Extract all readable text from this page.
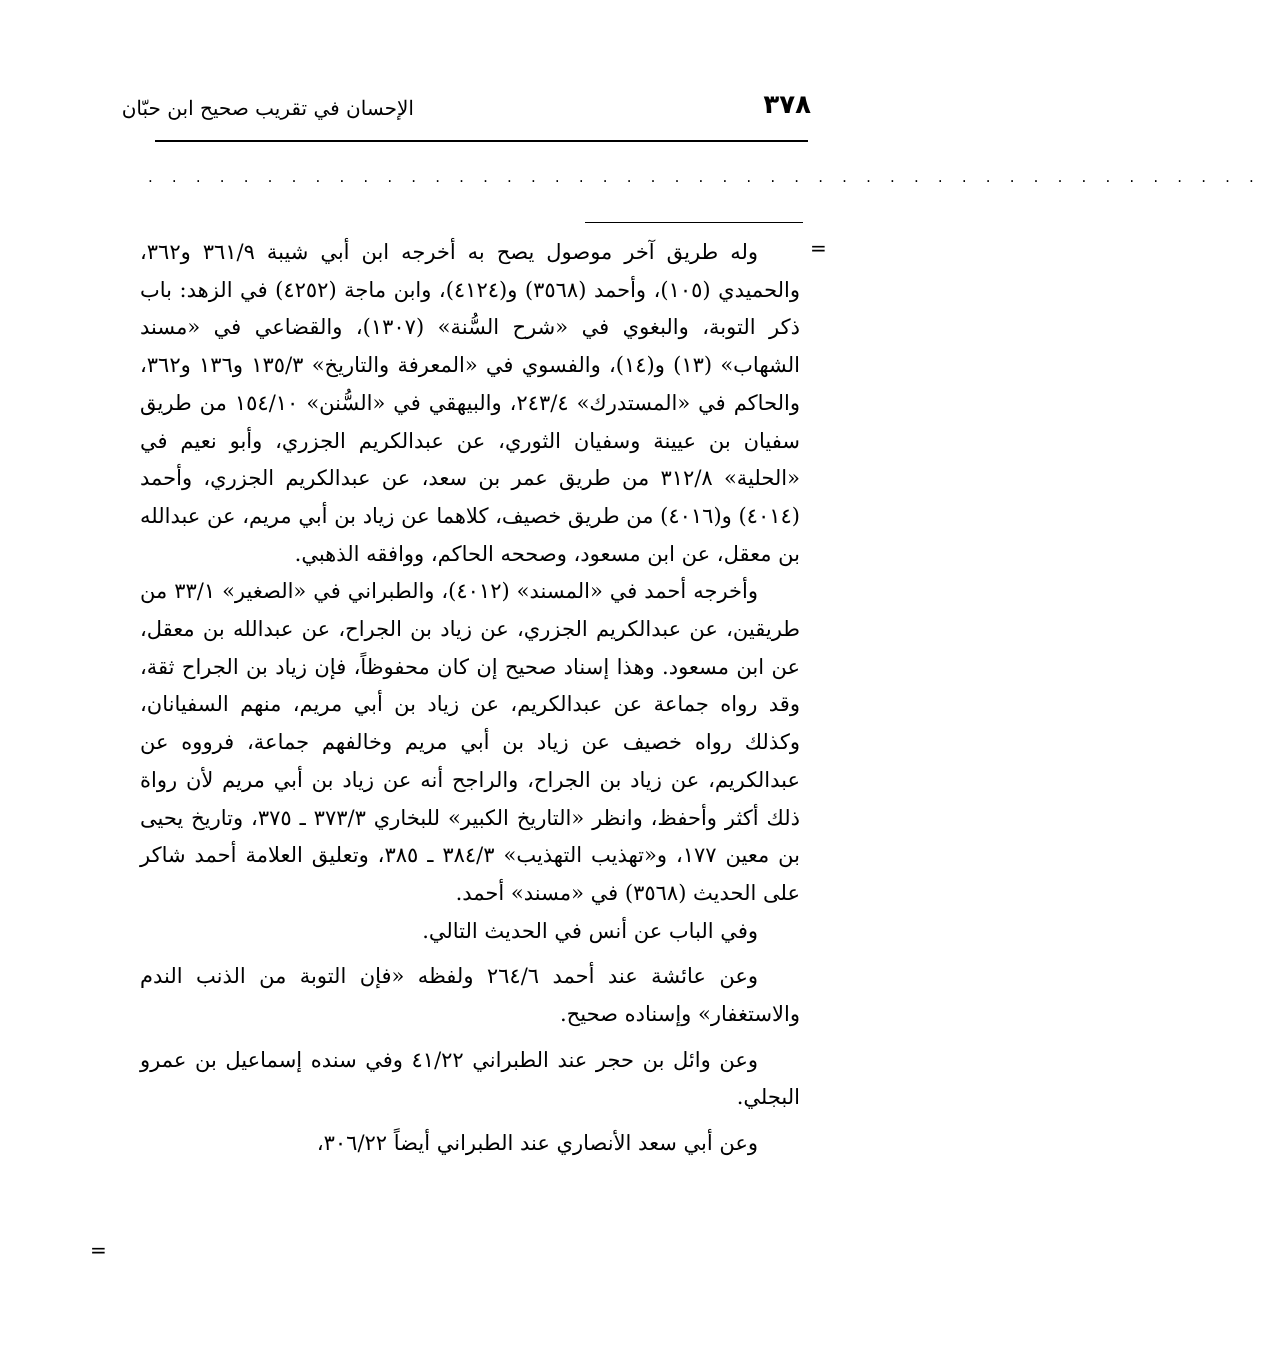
٣٧٨
الإحسان في تقريب صحيح ابن حبّان
. . . . . . . . . . . . . . . . . . . . . . . . . . . . . . . . . . . . . . . . . . . . . . .
=
=

وله طريق آخر موصول يصح به أخرجه ابن أبي شيبة ٣٦١/٩ و٣٦٢، والحميدي (١٠٥)، وأحمد (٣٥٦٨) و(٤١٢٤)، وابن ماجة (٤٢٥٢) في الزهد: باب ذكر التوبة، والبغوي في «شرح السُّنة» (١٣٠٧)، والقضاعي في «مسند الشهاب» (١٣) و(١٤)، والفسوي في «المعرفة والتاريخ» ١٣٥/٣ و١٣٦ و٣٦٢، والحاكم في «المستدرك» ٢٤٣/٤، والبيهقي في «السُّنن» ١٥٤/١٠ من طريق سفيان بن عيينة وسفيان الثوري، عن عبدالكريم الجزري، وأبو نعيم في «الحلية» ٣١٢/٨ من طريق عمر بن سعد، عن عبدالكريم الجزري، وأحمد (٤٠١٤) و(٤٠١٦) من طريق خصيف، كلاهما عن زياد بن أبي مريم، عن عبدالله بن معقل، عن ابن مسعود، وصححه الحاكم، ووافقه الذهبي.

وأخرجه أحمد في «المسند» (٤٠١٢)، والطبراني في «الصغير» ٣٣/١ من طريقين، عن عبدالكريم الجزري، عن زياد بن الجراح، عن عبدالله بن معقل، عن ابن مسعود. وهذا إسناد صحيح إن كان محفوظاً، فإن زياد بن الجراح ثقة، وقد رواه جماعة عن عبدالكريم، عن زياد بن أبي مريم، منهم السفيانان، وكذلك رواه خصيف عن زياد بن أبي مريم وخالفهم جماعة، فرووه عن عبدالكريم، عن زياد بن الجراح، والراجح أنه عن زياد بن أبي مريم لأن رواة ذلك أكثر وأحفظ، وانظر «التاريخ الكبير» للبخاري ٣٧٣/٣ ـ ٣٧٥، وتاريخ يحيى بن معين ١٧٧، و«تهذيب التهذيب» ٣٨٤/٣ ـ ٣٨٥، وتعليق العلامة أحمد شاكر على الحديث (٣٥٦٨) في «مسند» أحمد.

وفي الباب عن أنس في الحديث التالي.

وعن عائشة عند أحمد ٢٦٤/٦ ولفظه «فإن التوبة من الذنب الندم والاستغفار» وإسناده صحيح.

وعن وائل بن حجر عند الطبراني ٤١/٢٢ وفي سنده إسماعيل بن عمرو البجلي.

وعن أبي سعد الأنصاري عند الطبراني أيضاً ٣٠٦/٢٢،
